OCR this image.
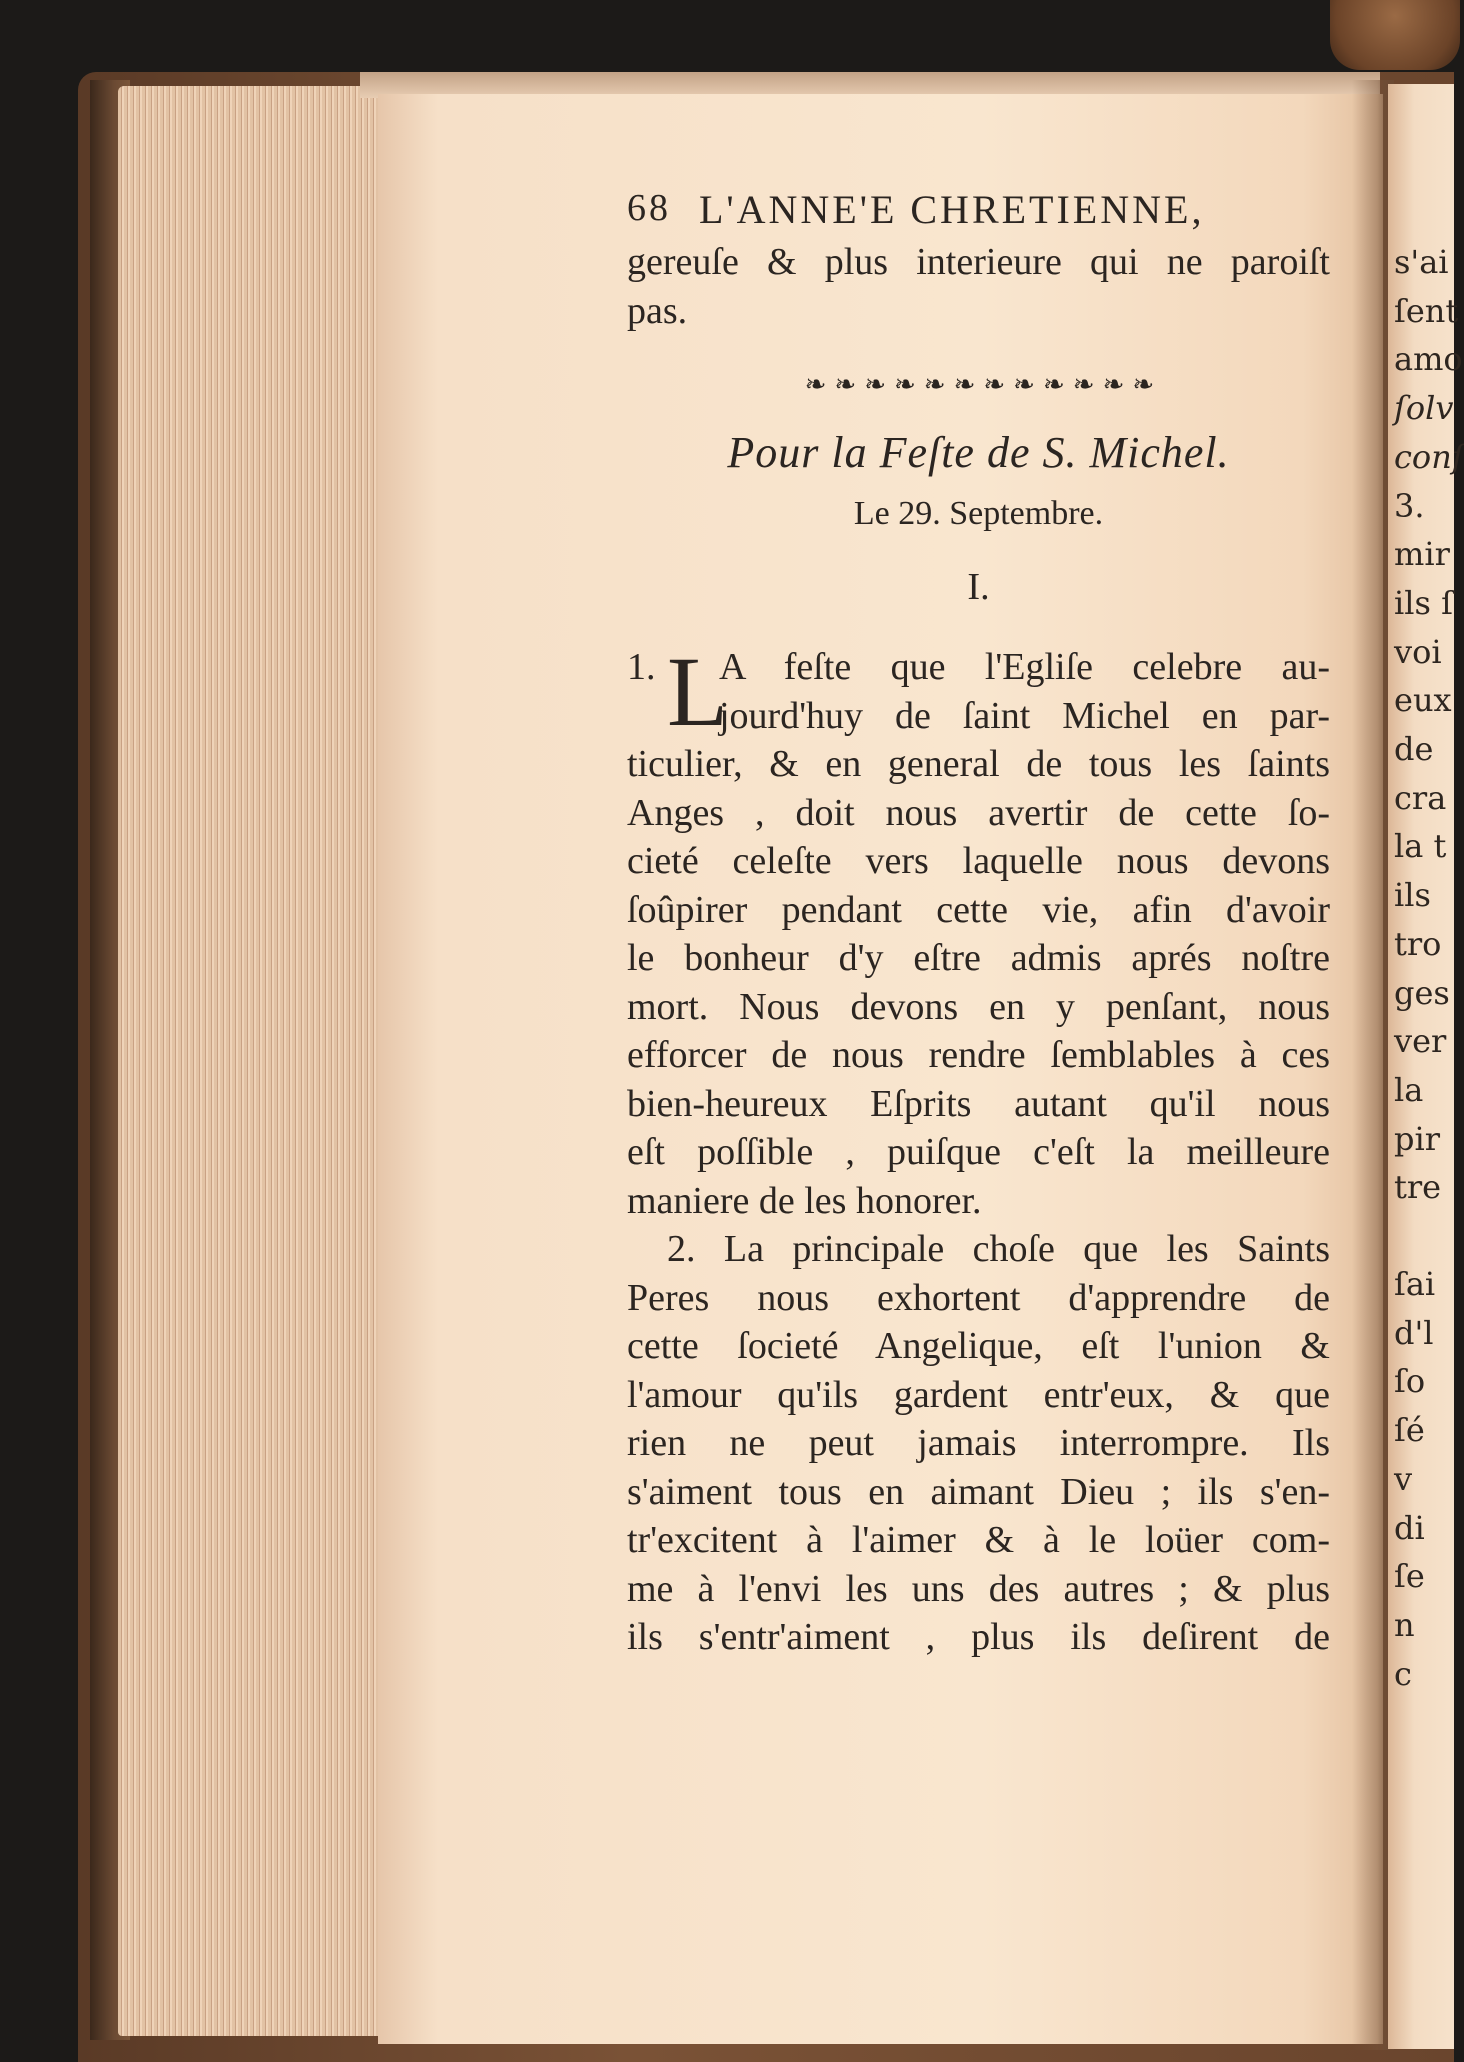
s'ai
ſent
amo
ſolv
conſ
3.
mir
ils ſ
voi
eux
de
cra
la t
ils
tro
ges
ver
la
pir
tre
ſai
d'l
ſo
ſé
v
di
ſe
n
c
68 L'ANNE'E CHRETIENNE,
gereuſe & plus interieure qui ne paroiſt
pas.
❧ ❧ ❧ ❧ ❧ ❧ ❧ ❧ ❧ ❧ ❧ ❧
Pour la Feſte de S. Michel.
Le 29. Septembre.
I.
1. L
A feſte que l'Egliſe celebre au-
jourd'huy de ſaint Michel en par-
ticulier, & en general de tous les ſaints
Anges , doit nous avertir de cette ſo-
cieté celeſte vers laquelle nous devons
ſoûpirer pendant cette vie, afin d'avoir
le bonheur d'y eſtre admis aprés noſtre
mort. Nous devons en y penſant, nous
efforcer de nous rendre ſemblables à ces
bien-heureux Eſprits autant qu'il nous
eſt poſſible , puiſque c'eſt la meilleure
maniere de les honorer.
2. La principale choſe que les Saints
Peres nous exhortent d'apprendre de
cette ſocieté Angelique, eſt l'union &
l'amour qu'ils gardent entr'eux, & que
rien ne peut jamais interrompre. Ils
s'aiment tous en aimant Dieu ; ils s'en-
tr'excitent à l'aimer & à le loüer com-
me à l'envi les uns des autres ; & plus
ils s'entr'aiment , plus ils deſirent de
